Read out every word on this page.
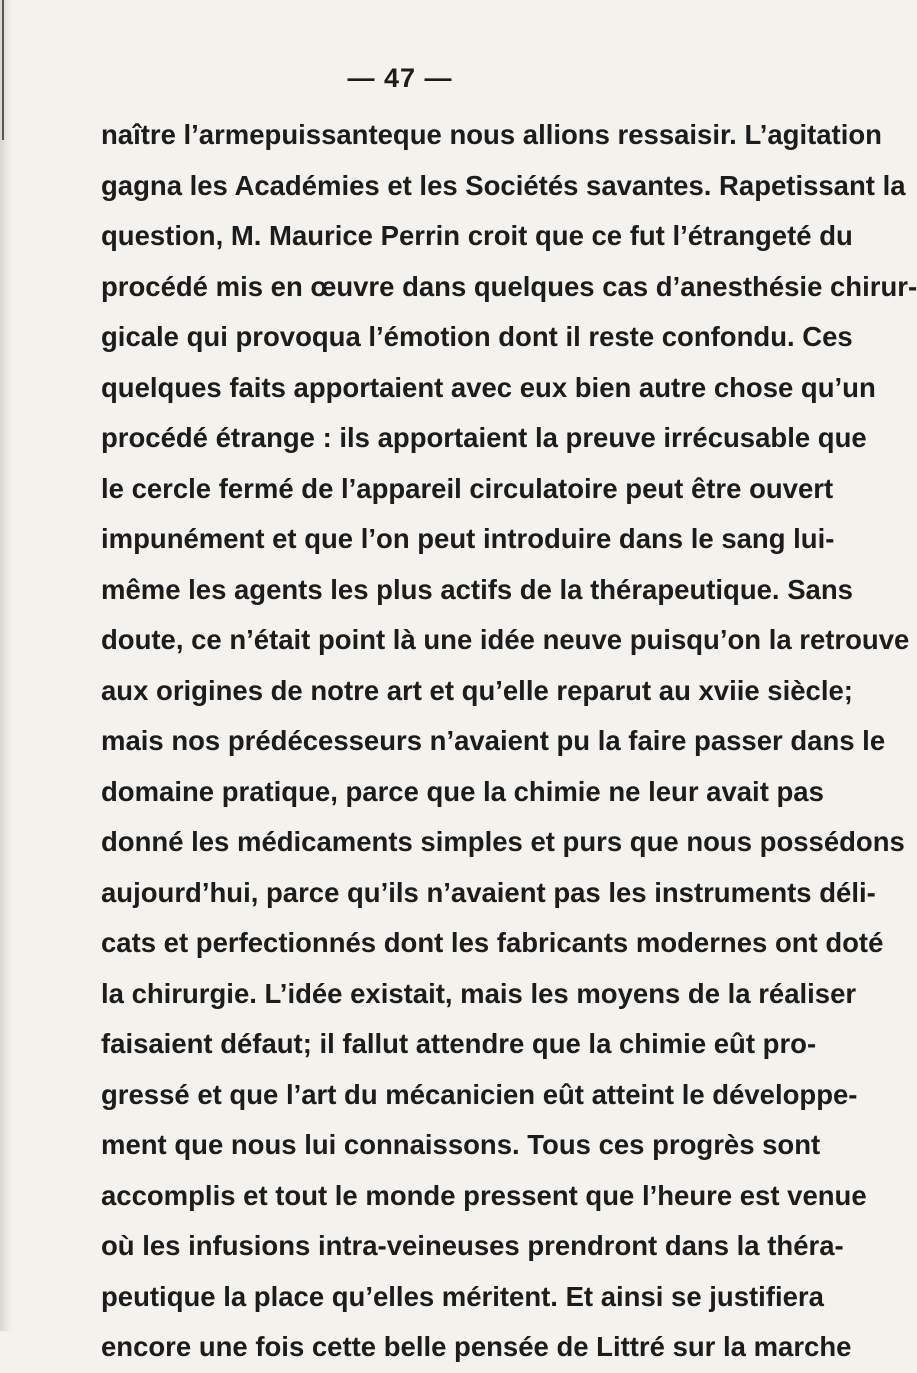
— 47 —

naître l’armepuissanteque nous allions ressaisir. L’agitation
gagna les Académies et les Sociétés savantes. Rapetissant la
question, M. Maurice Perrin croit que ce fut l’étrangeté du
procédé mis en œuvre dans quelques cas d’anesthésie chirur-
gicale qui provoqua l’émotion dont il reste confondu. Ces
quelques faits apportaient avec eux bien autre chose qu’un
procédé étrange : ils apportaient la preuve irrécusable que
le cercle fermé de l’appareil circulatoire peut être ouvert
impunément et que l’on peut introduire dans le sang lui-
même les agents les plus actifs de la thérapeutique. Sans
doute, ce n’était point là une idée neuve puisqu’on la retrouve
aux origines de notre art et qu’elle reparut au xviie siècle;
mais nos prédécesseurs n’avaient pu la faire passer dans le
domaine pratique, parce que la chimie ne leur avait pas
donné les médicaments simples et purs que nous possédons
aujourd’hui, parce qu’ils n’avaient pas les instruments déli-
cats et perfectionnés dont les fabricants modernes ont doté
la chirurgie. L’idée existait, mais les moyens de la réaliser
faisaient défaut; il fallut attendre que la chimie eût pro-
gressé et que l’art du mécanicien eût atteint le développe-
ment que nous lui connaissons. Tous ces progrès sont
accomplis et tout le monde pressent que l’heure est venue
où les infusions intra-veineuses prendront dans la théra-
peutique la place qu’elles méritent. Et ainsi se justifiera
encore une fois cette belle pensée de Littré sur la marche
